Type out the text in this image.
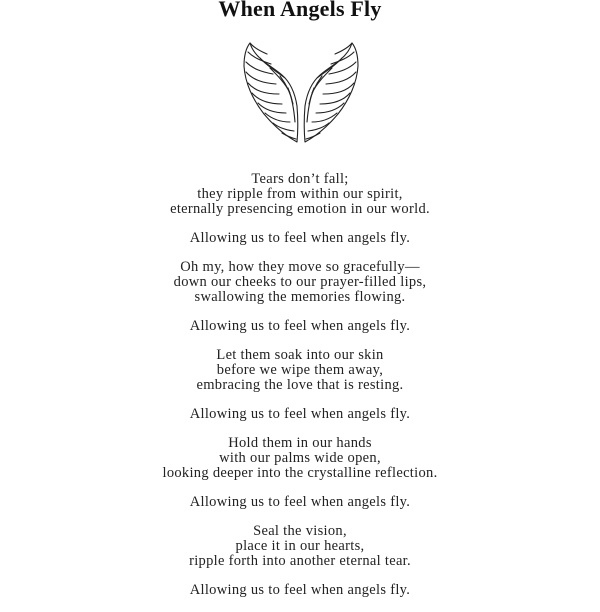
When Angels Fly
Tears don’t fall;
they ripple from within our spirit,
eternally presencing emotion in our world.
Allowing us to feel when angels fly.
Oh my, how they move so gracefully—
down our cheeks to our prayer-filled lips,
swallowing the memories flowing.
Allowing us to feel when angels fly.
Let them soak into our skin
before we wipe them away,
embracing the love that is resting.
Allowing us to feel when angels fly.
Hold them in our hands
with our palms wide open,
looking deeper into the crystalline reflection.
Allowing us to feel when angels fly.
Seal the vision,
place it in our hearts,
ripple forth into another eternal tear.
Allowing us to feel when angels fly.
